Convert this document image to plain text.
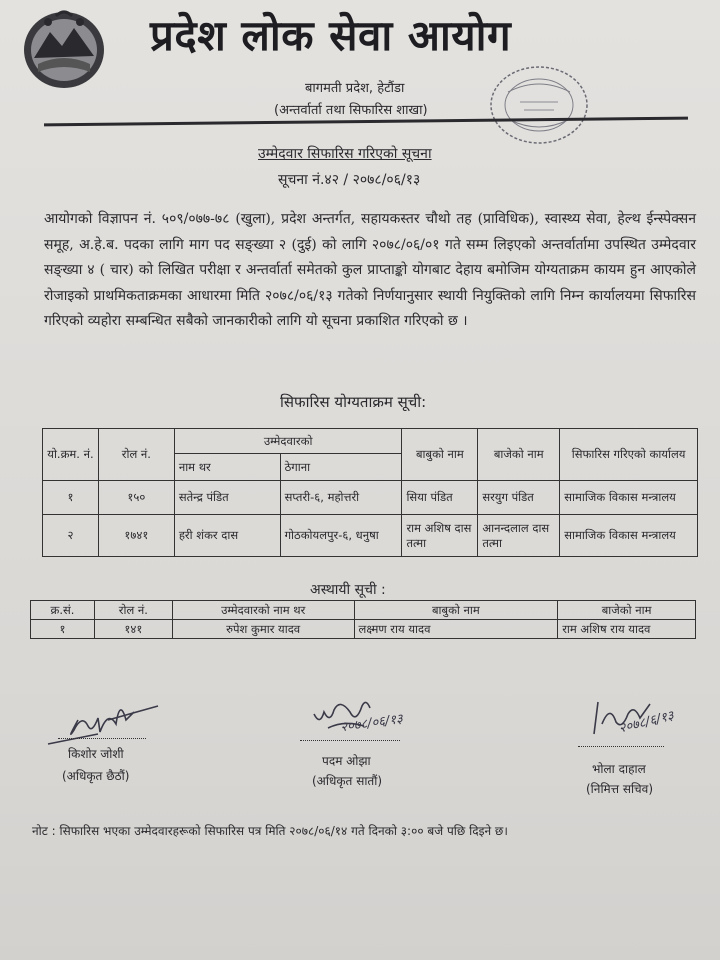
प्रदेश लोक सेवा आयोग
बागमती प्रदेश, हेटौंडा
(अन्तर्वार्ता तथा सिफारिस शाखा)
उम्मेदवार सिफारिस गरिएको सूचना
सूचना नं.४२ / २०७८/०६/१३
आयोगको विज्ञापन नं. ५०९/०७७-७८ (खुला), प्रदेश अन्तर्गत, सहायकस्तर चौथो तह (प्राविधिक), स्वास्थ्य सेवा, हेल्थ ईन्स्पेक्सन समूह, अ.हे.ब. पदका लागि माग पद सङ्ख्या २ (दुई) को लागि २०७८/०६/०१ गते सम्म लिइएको अन्तर्वार्तामा उपस्थित उम्मेदवार सङ्ख्या ४ ( चार) को लिखित परीक्षा र अन्तर्वार्ता समेतको कुल प्राप्ताङ्को योगबाट देहाय बमोजिम योग्यताक्रम कायम हुन आएकोले रोजाइको प्राथमिकताक्रमका आधारमा मिति २०७८/०६/१३ गतेको निर्णयानुसार स्थायी नियुक्तिको लागि निम्न कार्यालयमा सिफारिस गरिएको व्यहोरा सम्बन्धित सबैको जानकारीको लागि यो सूचना प्रकाशित गरिएको छ ।
सिफारिस योग्यताक्रम सूची:
यो.क्रम. नं.	रोल नं.	उम्मेदवारको		बाबुको नाम	बाजेको नाम	सिफारिस गरिएको कार्यालय
		नाम थर	ठेगाना			
१	१५०	सतेन्द्र पंडित	सप्तरी-६, महोत्तरी	सिया पंडित	सरयुग पंडित	सामाजिक विकास मन्त्रालय
२	१७४१	हरी शंकर दास	गोठकोयलपुर-६, धनुषा	राम अशिष दास तत्मा	आनन्दलाल दास तत्मा	सामाजिक विकास मन्त्रालय
अस्थायी सूची :
क्र.सं.	रोल नं.	उम्मेदवारको नाम थर	बाबुको नाम	बाजेको नाम
१	१४१	रुपेश कुमार यादव	लक्ष्मण राय यादव	राम अशिष राय यादव
किशोर जोशी
(अधिकृत छैठौं)
२०७८/०६/१३
पदम ओझा
(अधिकृत सातौं)
२०७८/६/१३
भोला दाहाल
(निमित्त सचिव)
नोट : सिफारिस भएका उम्मेदवारहरूको सिफारिस पत्र मिति २०७८/०६/१४ गते दिनको ३:०० बजे पछि दिइने छ।
